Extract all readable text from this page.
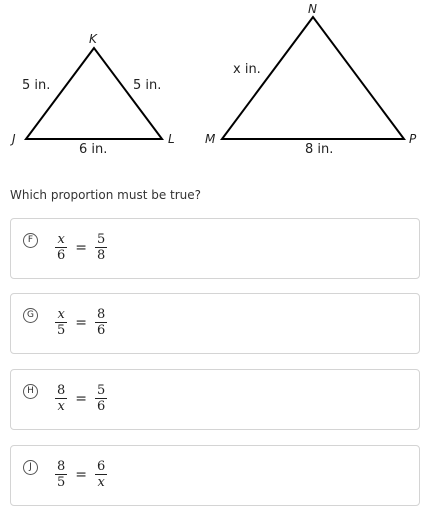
K
J	L
5 in.	5 in.
6 in.
N
M	P
x in.
8 in.
Which proportion must be true?
F	$\frac{x}{6} = \frac{5}{8}$
G	$\frac{x}{5} = \frac{8}{6}$
H	$\frac{8}{x} = \frac{5}{6}$
J	$\frac{8}{5} = \frac{6}{x}$
